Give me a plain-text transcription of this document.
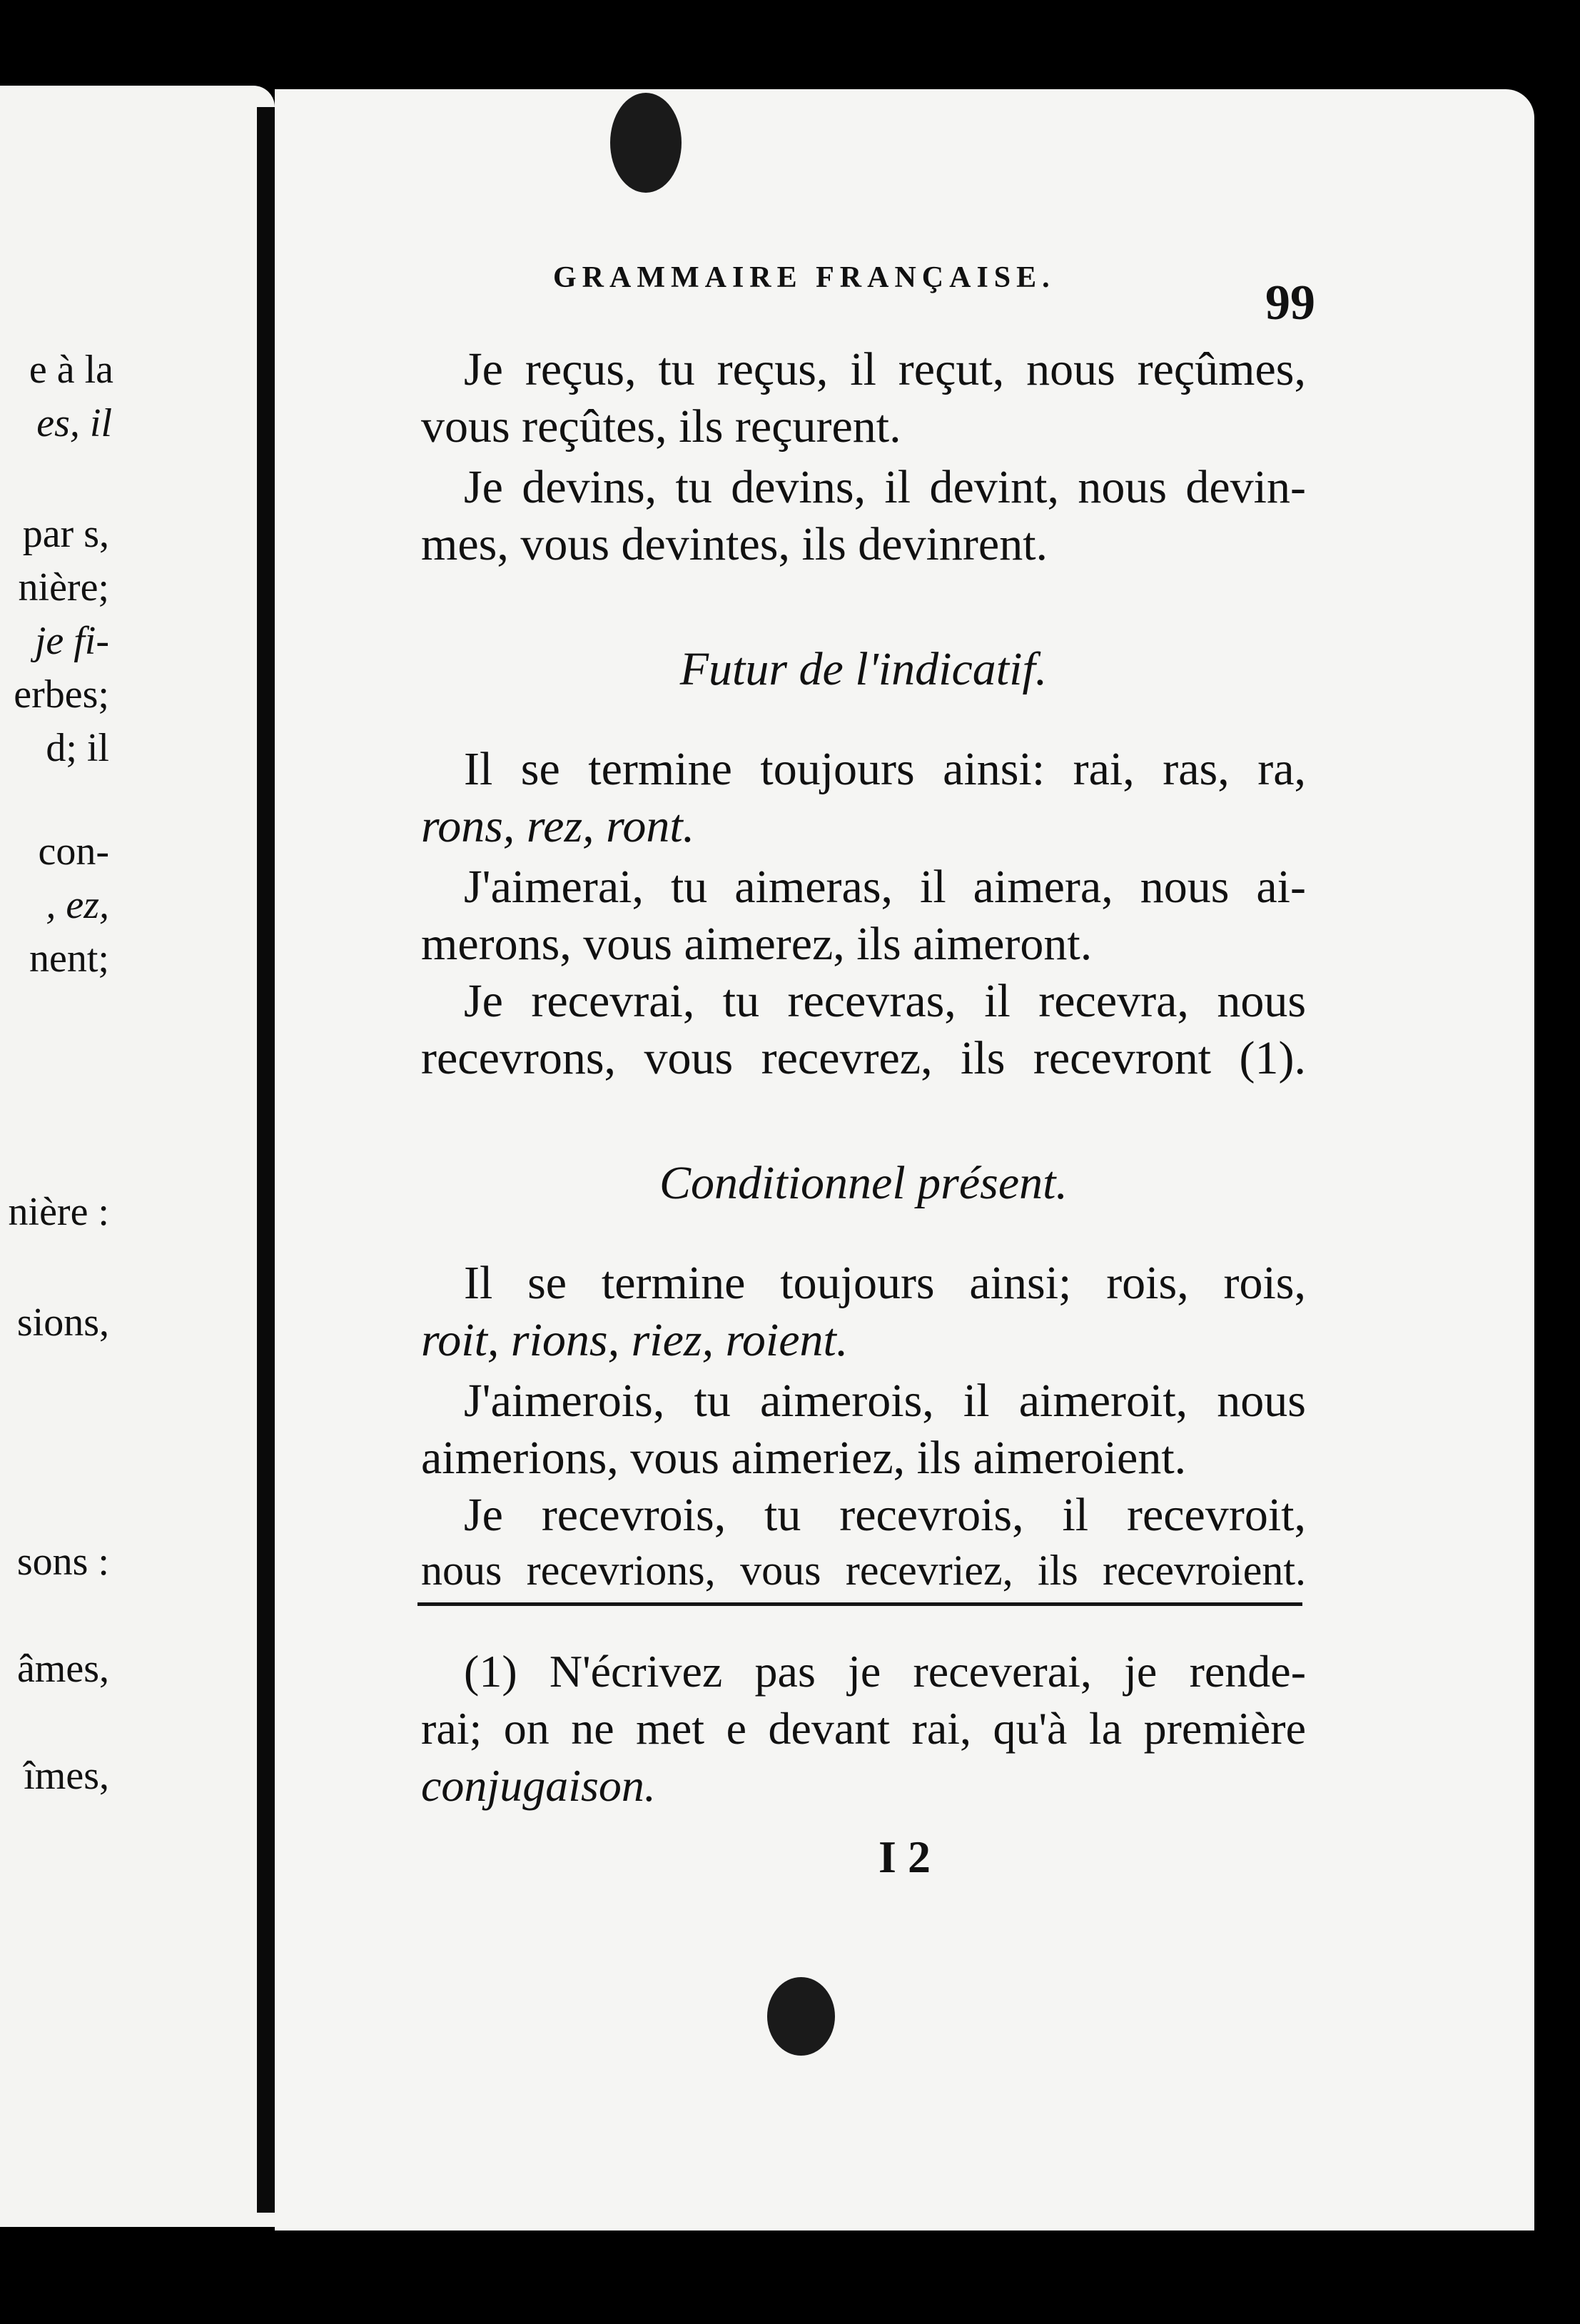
e à la
es, il
par s,
nière;
je fi-
erbes;
d; il
con-
, ez,
nent;
nière :
sions,
sons :
âmes,
îmes,
GRAMMAIRE FRANÇAISE.	99
Je reçus, tu reçus, il reçut, nous reçûmes,
vous reçûtes, ils reçurent.
Je devins, tu devins, il devint, nous devin-
mes, vous devintes, ils devinrent.
Futur de l'indicatif.
Il se termine toujours ainsi: rai, ras, ra,
rons, rez, ront.
J'aimerai, tu aimeras, il aimera, nous ai-
merons, vous aimerez, ils aimeront.
Je recevrai, tu recevras, il recevra, nous
recevrons, vous recevrez, ils recevront (1).
Conditionnel présent.
Il se termine toujours ainsi; rois, rois,
roit, rions, riez, roient.
J'aimerois, tu aimerois, il aimeroit, nous
aimerions, vous aimeriez, ils aimeroient.
Je recevrois, tu recevrois, il recevroit,
nous recevrions, vous recevriez, ils recevroient.
(1) N'écrivez pas je receverai, je rende-
rai; on ne met e devant rai, qu'à la première
conjugaison.
I 2
